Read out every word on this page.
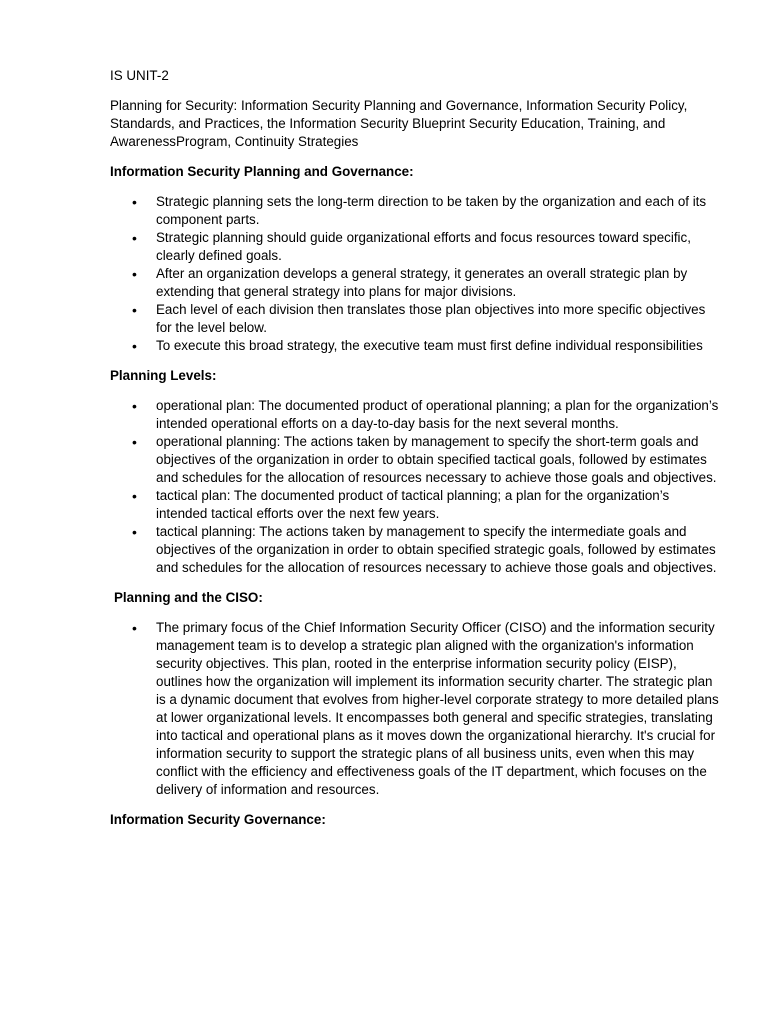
IS UNIT-2

Planning for Security: Information Security Planning and Governance, Information Security Policy, Standards, and Practices, the Information Security Blueprint Security Education, Training, and AwarenessProgram, Continuity Strategies

Information Security Planning and Governance:

• Strategic planning sets the long-term direction to be taken by the organization and each of its component parts.
• Strategic planning should guide organizational efforts and focus resources toward specific, clearly defined goals.
• After an organization develops a general strategy, it generates an overall strategic plan by extending that general strategy into plans for major divisions.
• Each level of each division then translates those plan objectives into more specific objectives for the level below.
• To execute this broad strategy, the executive team must first define individual responsibilities

Planning Levels:

• operational plan: The documented product of operational planning; a plan for the organization’s intended operational efforts on a day-to-day basis for the next several months.
• operational planning: The actions taken by management to specify the short-term goals and objectives of the organization in order to obtain specified tactical goals, followed by estimates and schedules for the allocation of resources necessary to achieve those goals and objectives.
• tactical plan: The documented product of tactical planning; a plan for the organization’s intended tactical efforts over the next few years.
• tactical planning: The actions taken by management to specify the intermediate goals and objectives of the organization in order to obtain specified strategic goals, followed by estimates and schedules for the allocation of resources necessary to achieve those goals and objectives.

Planning and the CISO:

• The primary focus of the Chief Information Security Officer (CISO) and the information security management team is to develop a strategic plan aligned with the organization's information security objectives. This plan, rooted in the enterprise information security policy (EISP), outlines how the organization will implement its information security charter. The strategic plan is a dynamic document that evolves from higher-level corporate strategy to more detailed plans at lower organizational levels. It encompasses both general and specific strategies, translating into tactical and operational plans as it moves down the organizational hierarchy. It's crucial for information security to support the strategic plans of all business units, even when this may conflict with the efficiency and effectiveness goals of the IT department, which focuses on the delivery of information and resources.

Information Security Governance:
